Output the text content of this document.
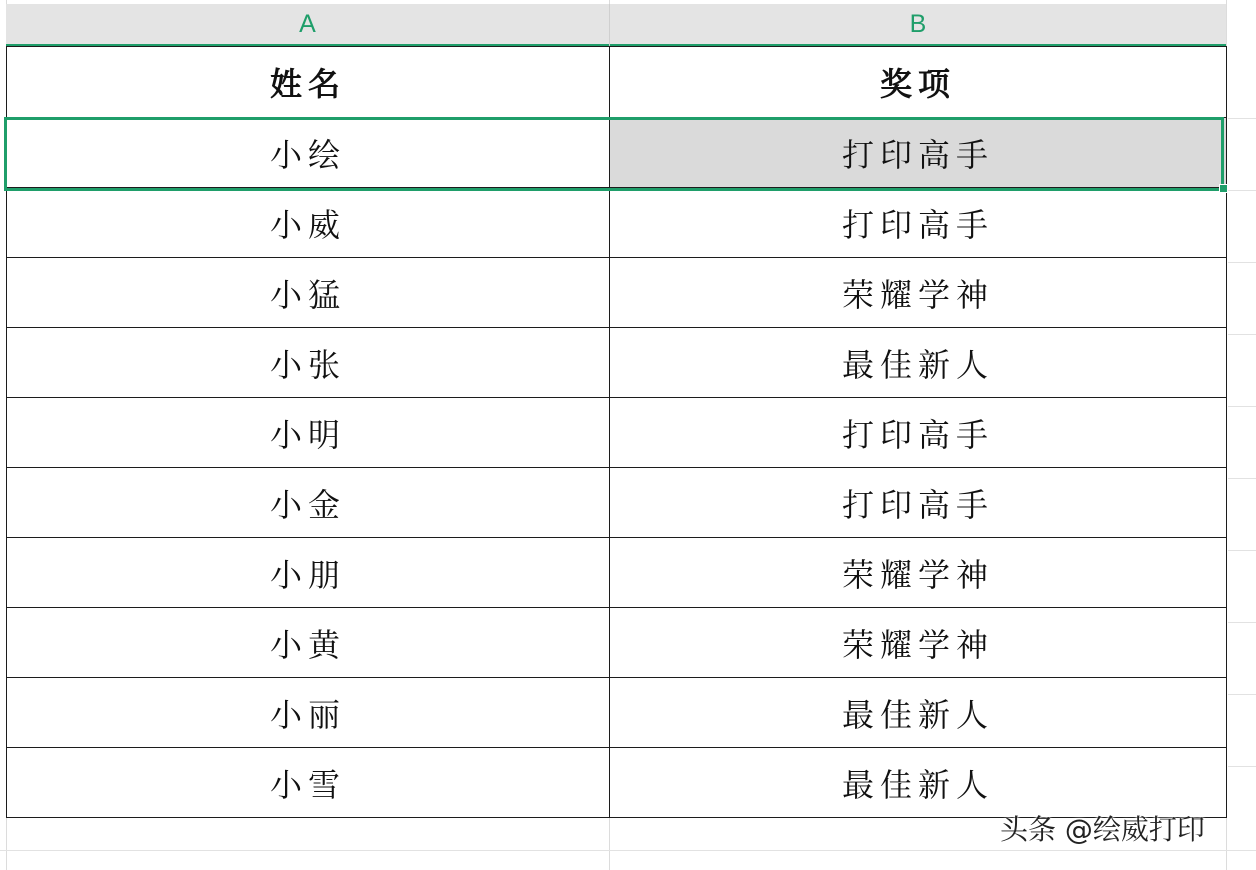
A	B
姓名	奖项
小绘	打印高手
小威	打印高手
小猛	荣耀学神
小张	最佳新人
小明	打印高手
小金	打印高手
小朋	荣耀学神
小黄	荣耀学神
小丽	最佳新人
小雪	最佳新人
头条 @绘威打印
